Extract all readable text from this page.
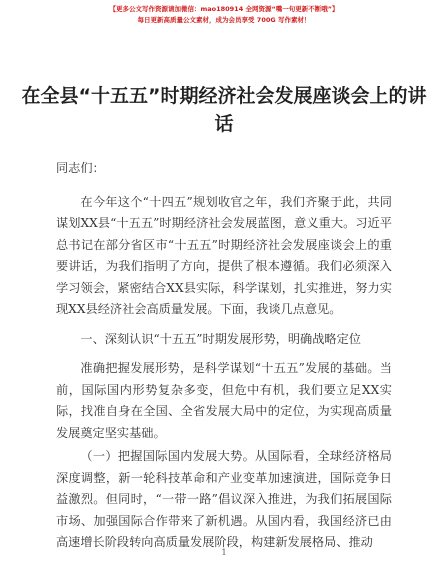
【更多公文写作资源请加微信：mao180914 全网资源“嘴一句更新不断哦”】
每日更新高质量公文素材，成为会员享受 700G 写作素材！
在全县“十五五”时期经济社会发展座谈会上的讲话

同志们：

在今年这个“十四五”规划收官之年，我们齐聚于此，共同谋划XX县“十五五”时期经济社会发展蓝图，意义重大。习近平总书记在部分省区市“十五五”时期经济社会发展座谈会上的重要讲话，为我们指明了方向，提供了根本遵循。我们必须深入学习领会，紧密结合XX县实际，科学谋划，扎实推进，努力实现XX县经济社会高质量发展。下面，我谈几点意见。

一、深刻认识“十五五”时期发展形势，明确战略定位

准确把握发展形势，是科学谋划“十五五”发展的基础。当前，国际国内形势复杂多变，但危中有机，我们要立足XX实际，找准自身在全国、全省发展大局中的定位，为实现高质量发展奠定坚实基础。

（一）把握国际国内发展大势。从国际看，全球经济格局深度调整，新一轮科技革命和产业变革加速演进，国际竞争日益激烈。但同时，“一带一路”倡议深入推进，为我们拓展国际市场、加强国际合作带来了新机遇。从国内看，我国经济已由高速增长阶段转向高质量发展阶段，构建新发展格局、推动

1
